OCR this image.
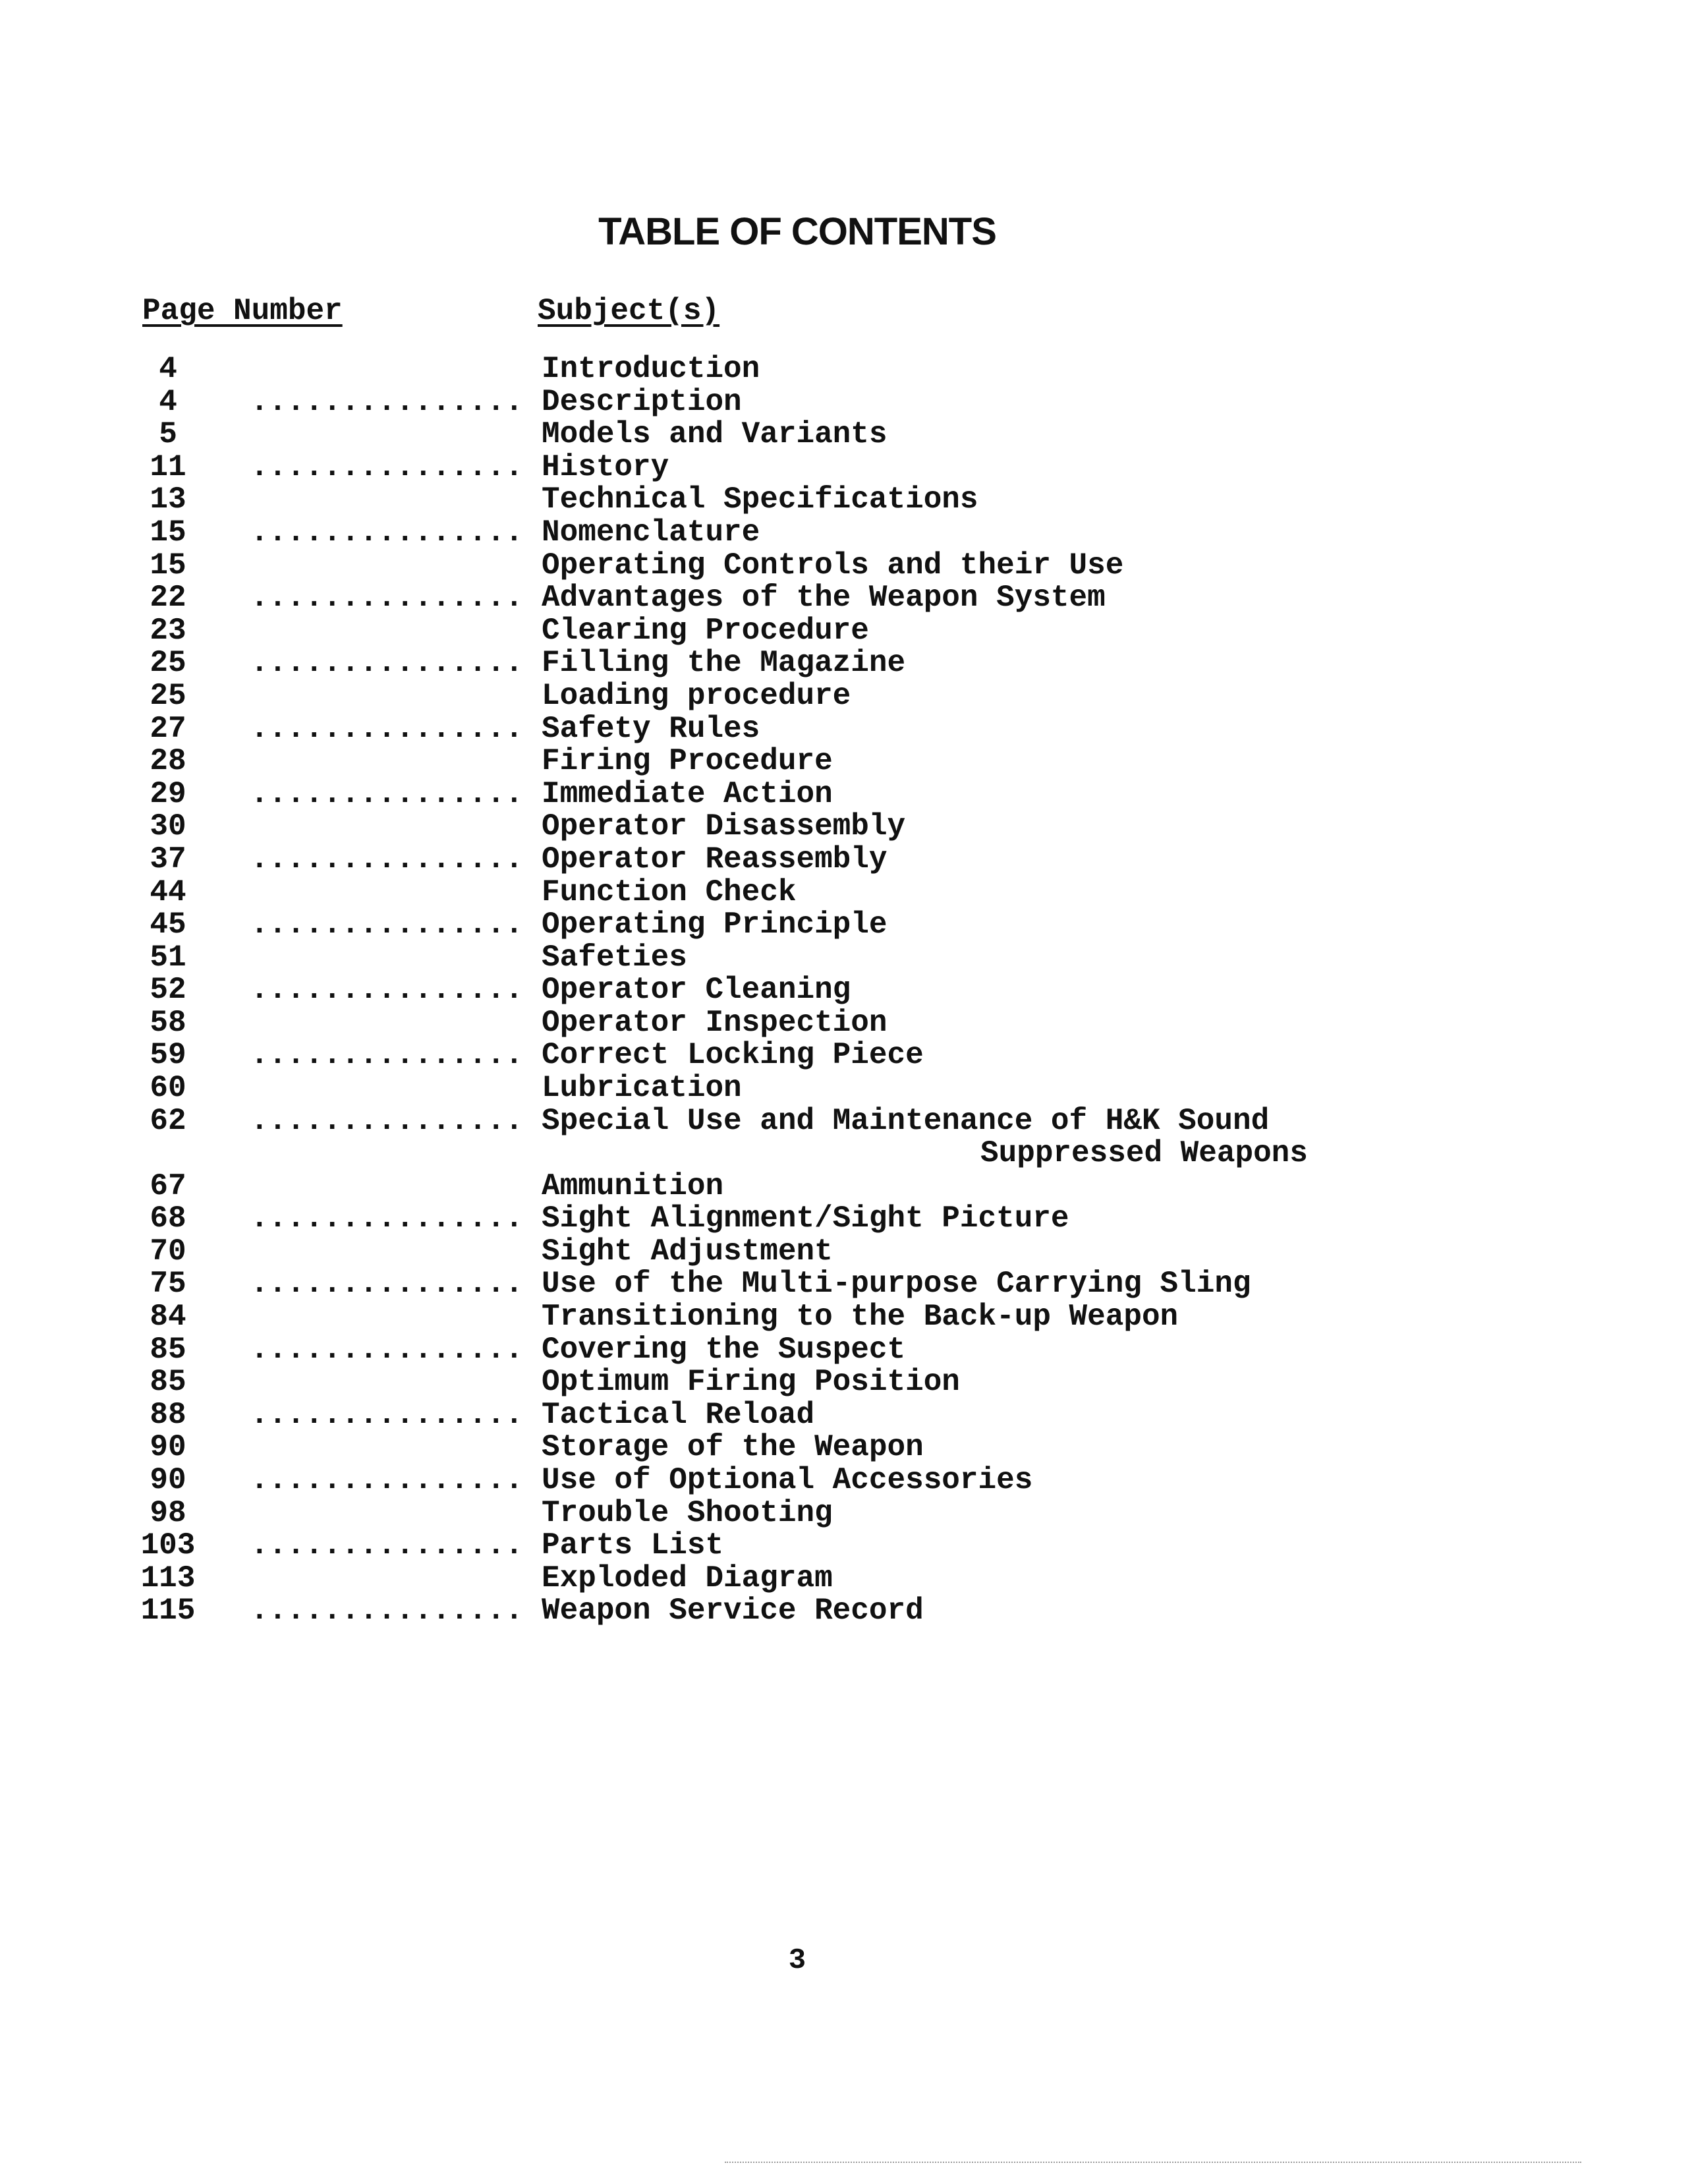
TABLE OF CONTENTS
Page Number	Subject(s)
4	Introduction
4	............... Description
5	Models and Variants
11	............... History
13	Technical Specifications
15	............... Nomenclature
15	Operating Controls and their Use
22	............... Advantages of the Weapon System
23	Clearing Procedure
25	............... Filling the Magazine
25	Loading procedure
27	............... Safety Rules
28	Firing Procedure
29	............... Immediate Action
30	Operator Disassembly
37	............... Operator Reassembly
44	Function Check
45	............... Operating Principle
51	Safeties
52	............... Operator Cleaning
58	Operator Inspection
59	............... Correct Locking Piece
60	Lubrication
62	............... Special Use and Maintenance of H&K Sound
Suppressed Weapons
67	Ammunition
68	............... Sight Alignment/Sight Picture
70	Sight Adjustment
75	............... Use of the Multi-purpose Carrying Sling
84	Transitioning to the Back-up Weapon
85	............... Covering the Suspect
85	Optimum Firing Position
88	............... Tactical Reload
90	Storage of the Weapon
90	............... Use of Optional Accessories
98	Trouble Shooting
103	............... Parts List
113	Exploded Diagram
115	............... Weapon Service Record
3
